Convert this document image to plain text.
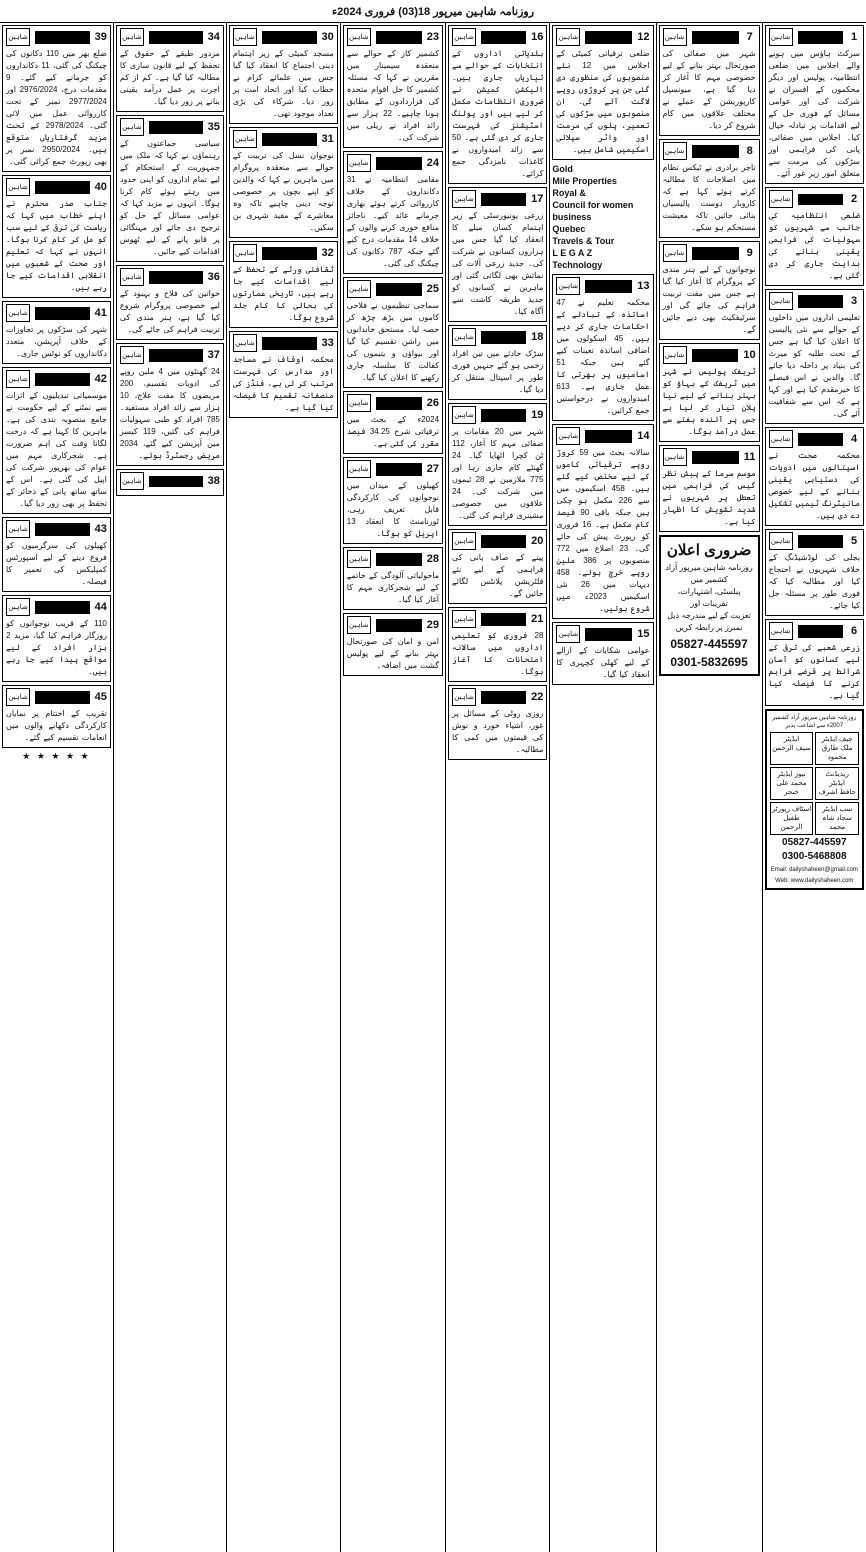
روزنامہ شاہین میرپور 18(03) فروری 2024ء
1
شاہین
سرکٹ ہاؤس میں ہونے والے اجلاس میں ضلعی انتظامیہ، پولیس اور دیگر محکموں کے افسران نے شرکت کی اور عوامی مسائل کے فوری حل کے لیے اقدامات پر تبادلہ خیال کیا۔ اجلاس میں صفائی، پانی کی فراہمی اور سڑکوں کی مرمت سے متعلق امور زیر غور آئے۔
2
شاہین
ضلعی انتظامیہ کی جانب سے شہریوں کو سہولیات کی فراہمی یقینی بنانے کی ہدایت جاری کر دی گئی ہے۔
3
شاہین
تعلیمی اداروں میں داخلوں کے حوالے سے نئی پالیسی کا اعلان کیا گیا ہے جس کے تحت طلبہ کو میرٹ کی بنیاد پر داخلہ دیا جائے گا۔ والدین نے اس فیصلے کا خیرمقدم کیا ہے اور کہا ہے کہ اس سے شفافیت آئے گی۔
4
شاہین
محکمہ صحت نے اسپتالوں میں ادویات کی دستیابی یقینی بنانے کے لیے خصوصی مانیٹرنگ ٹیمیں تشکیل دے دی ہیں۔
5
شاہین
بجلی کی لوڈشیڈنگ کے خلاف شہریوں نے احتجاج کیا اور مطالبہ کیا کہ فوری طور پر مسئلہ حل کیا جائے۔
6
شاہین
زرعی شعبے کی ترقی کے لیے کسانوں کو آسان شرائط پر قرضے فراہم کرنے کا فیصلہ کیا گیا ہے۔
روزنامہ شاہین میرپور آزاد کشمیر 2007ء سے اشاعت پذیر
چیف ایڈیٹر
ملک طارق محمود
ایڈیٹر
سیف الرحمن
ریذیڈنٹ ایڈیٹر
حافظ اشرف
نیوز ایڈیٹر
محمد علی خنجر
سب ایڈیٹر
سجاد شاہ محمد
اسٹاف رپورٹر
طفیل الرحمن
05827-445597
0300-5468808
Email: dailyshaheen@gmail.com
Web: www.dailyshaheen.com
7
شاہین
شہر میں صفائی کی صورتحال بہتر بنانے کے لیے خصوصی مہم کا آغاز کر دیا گیا ہے، میونسپل کارپوریشن کے عملے نے مختلف علاقوں میں کام شروع کر دیا۔
8
شاہین
تاجر برادری نے ٹیکس نظام میں اصلاحات کا مطالبہ کرتے ہوئے کہا ہے کہ کاروبار دوست پالیسیاں بنائی جائیں تاکہ معیشت مستحکم ہو سکے۔
9
شاہین
نوجوانوں کے لیے ہنر مندی کے پروگرام کا آغاز کیا گیا ہے جس میں مفت تربیت فراہم کی جائے گی اور سرٹیفکیٹ بھی دیے جائیں گے۔
10
شاہین
ٹریفک پولیس نے شہر میں ٹریفک کے بہاؤ کو بہتر بنانے کے لیے نیا پلان تیار کر لیا ہے جس پر آئندہ ہفتے سے عمل درآمد ہوگا۔
11
شاہین
موسم سرما کے پیش نظر گیس کی فراہمی میں تعطل پر شہریوں نے شدید تشویش کا اظہار کیا ہے۔
ضروری اعلان
روزنامہ شاہین میرپور آزاد کشمیر میں
پبلسٹی، اشتہارات، تقریبات اور
تعزیت کے لیے مندرجہ ذیل نمبرز پر رابطہ کریں
05827-445597
0301-5832695
12
شاہین
ضلعی ترقیاتی کمیٹی کے اجلاس میں 12 نئے منصوبوں کی منظوری دی گئی جن پر کروڑوں روپے لاگت آئے گی۔ ان منصوبوں میں سڑکوں کی تعمیر، پلوں کی مرمت اور واٹر سپلائی اسکیمیں شامل ہیں۔
Gold
Mile Properties
Royal &
Council for women
business
Quebec
Travels & Tour
L E G A Z
Technology
13
شاہین
محکمہ تعلیم نے 47 اساتذہ کے تبادلے کے احکامات جاری کر دیے ہیں۔ 45 اسکولوں میں اضافی اساتذہ تعینات کیے گئے ہیں جبکہ 51 اسامیوں پر بھرتی کا عمل جاری ہے۔ 613 امیدواروں نے درخواستیں جمع کرائیں۔
14
شاہین
سالانہ بجٹ میں 59 کروڑ روپے ترقیاتی کاموں کے لیے مختص کیے گئے ہیں۔ 458 اسکیموں میں سے 226 مکمل ہو چکی ہیں جبکہ باقی 90 فیصد کام مکمل ہے۔ 16 فروری کو رپورٹ پیش کی جائے گی۔ 23 اضلاع میں 772 منصوبوں پر 386 ملین روپے خرچ ہوئے۔ 458 دیہات میں 26 نئی اسکیمیں 2023ء میں شروع ہوئیں۔
15
شاہین
عوامی شکایات کے ازالے کے لیے کھلی کچہری کا انعقاد کیا گیا۔
16
شاہین
بلدیاتی اداروں کے انتخابات کے حوالے سے تیاریاں جاری ہیں۔ الیکشن کمیشن نے ضروری انتظامات مکمل کر لیے ہیں اور پولنگ اسٹیشنز کی فہرست جاری کر دی گئی ہے۔ 50 سے زائد امیدواروں نے کاغذات نامزدگی جمع کرائے۔
17
شاہین
زرعی یونیورسٹی کے زیر اہتمام کسان میلے کا انعقاد کیا گیا جس میں ہزاروں کسانوں نے شرکت کی۔ جدید زرعی آلات کی نمائش بھی لگائی گئی اور ماہرین نے کسانوں کو جدید طریقہ کاشت سے آگاہ کیا۔
18
شاہین
سڑک حادثے میں تین افراد زخمی ہو گئے جنہیں فوری طور پر اسپتال منتقل کر دیا گیا۔
19
شاہین
شہر میں 20 مقامات پر صفائی مہم کا آغاز، 112 ٹن کچرا اٹھایا گیا۔ 24 گھنٹے کام جاری رہا اور 775 ملازمین نے 28 ٹیموں میں شرکت کی۔ 24 علاقوں میں خصوصی مشینری فراہم کی گئی۔
20
شاہین
پینے کے صاف پانی کی فراہمی کے لیے نئے فلٹریشن پلانٹس لگائے جائیں گے۔
21
شاہین
28 فروری کو تعلیمی اداروں میں سالانہ امتحانات کا آغاز ہوگا۔
22
شاہین
روزی روٹی کے مسائل پر غور، اشیاء خورد و نوش کی قیمتوں میں کمی کا مطالبہ۔
23
شاہین
کشمیر کاز کے حوالے سے منعقدہ سیمینار میں مقررین نے کہا کہ مسئلہ کشمیر کا حل اقوام متحدہ کی قراردادوں کے مطابق ہونا چاہیے۔ 22 ہزار سے زائد افراد نے ریلی میں شرکت کی۔
24
شاہین
مقامی انتظامیہ نے 31 دکانداروں کے خلاف کارروائی کرتے ہوئے بھاری جرمانے عائد کیے۔ ناجائز منافع خوری کرنے والوں کے خلاف 14 مقدمات درج کیے گئے جبکہ 787 دکانوں کی چیکنگ کی گئی۔
25
شاہین
سماجی تنظیموں نے فلاحی کاموں میں بڑھ چڑھ کر حصہ لیا۔ مستحق خاندانوں میں راشن تقسیم کیا گیا اور بیواؤں و یتیموں کی کفالت کا سلسلہ جاری رکھنے کا اعلان کیا گیا۔
26
شاہین
2024ء کے بجٹ میں ترقیاتی شرح 34.25 فیصد مقرر کی گئی ہے۔
27
شاہین
کھیلوں کے میدان میں نوجوانوں کی کارکردگی قابل تعریف رہی، ٹورنامنٹ کا انعقاد 13 اپریل کو ہوگا۔
28
شاہین
ماحولیاتی آلودگی کے خاتمے کے لیے شجرکاری مہم کا آغاز کیا گیا۔
29
شاہین
امن و امان کی صورتحال بہتر بنانے کے لیے پولیس گشت میں اضافہ۔
30
شاہین
مسجد کمیٹی کے زیر اہتمام دینی اجتماع کا انعقاد کیا گیا جس میں علمائے کرام نے خطاب کیا اور اتحاد امت پر زور دیا۔ شرکاء کی بڑی تعداد موجود تھی۔
31
شاہین
نوجوان نسل کی تربیت کے حوالے سے منعقدہ پروگرام میں ماہرین نے کہا کہ والدین کو اپنے بچوں پر خصوصی توجہ دینی چاہیے تاکہ وہ معاشرے کے مفید شہری بن سکیں۔
32
شاہین
ثقافتی ورثے کے تحفظ کے لیے اقدامات کیے جا رہے ہیں، تاریخی عمارتوں کی بحالی کا کام جلد شروع ہوگا۔
33
شاہین
محکمہ اوقاف نے مساجد اور مدارس کی فہرست مرتب کر لی ہے، فنڈز کی منصفانہ تقسیم کا فیصلہ کیا گیا ہے۔
34
شاہین
مزدور طبقے کے حقوق کے تحفظ کے لیے قانون سازی کا مطالبہ کیا گیا ہے۔ کم از کم اجرت پر عمل درآمد یقینی بنانے پر زور دیا گیا۔
35
شاہین
سیاسی جماعتوں کے رہنماؤں نے کہا کہ ملک میں جمہوریت کے استحکام کے لیے تمام اداروں کو اپنی حدود میں رہتے ہوئے کام کرنا ہوگا۔ انہوں نے مزید کہا کہ عوامی مسائل کے حل کو ترجیح دی جائے اور مہنگائی پر قابو پانے کے لیے ٹھوس اقدامات کیے جائیں۔
36
شاہین
خواتین کی فلاح و بہبود کے لیے خصوصی پروگرام شروع کیا گیا ہے، ہنر مندی کی تربیت فراہم کی جائے گی۔
37
شاہین
24 گھنٹوں میں 4 ملین روپے کی ادویات تقسیم، 200 مریضوں کا مفت علاج، 10 ہزار سے زائد افراد مستفید۔ 785 افراد کو طبی سہولیات فراہم کی گئیں، 119 کیسز میں آپریشن کیے گئے، 2034 مریض رجسٹرڈ ہوئے۔
38
شاہین
39
شاہین
ضلع بھر میں 110 دکانوں کی چیکنگ کی گئی، 11 دکانداروں کو جرمانے کیے گئے۔ 9 مقدمات درج، 2976/2024 اور 2977/2024 نمبر کے تحت کارروائی عمل میں لائی گئی۔ 2978/2024 کے تحت مزید گرفتاریاں متوقع ہیں۔ 2950/2024 نمبر پر بھی رپورٹ جمع کرائی گئی۔
40
شاہین
جناب صدر محترم نے اپنے خطاب میں کہا کہ ریاست کی ترقی کے لیے سب کو مل کر کام کرنا ہوگا۔ انہوں نے کہا کہ تعلیم اور صحت کے شعبوں میں انقلابی اقدامات کیے جا رہے ہیں۔
41
شاہین
شہر کی سڑکوں پر تجاوزات کے خلاف آپریشن، متعدد دکانداروں کو نوٹس جاری۔
42
شاہین
موسمیاتی تبدیلیوں کے اثرات سے نمٹنے کے لیے حکومت نے جامع منصوبہ بندی کی ہے۔ ماہرین کا کہنا ہے کہ درخت لگانا وقت کی اہم ضرورت ہے۔ شجرکاری مہم میں عوام کی بھرپور شرکت کی اپیل کی گئی ہے۔ اس کے ساتھ ساتھ پانی کے ذخائر کے تحفظ پر بھی زور دیا گیا۔
43
شاہین
کھیلوں کی سرگرمیوں کو فروغ دینے کے لیے اسپورٹس کمپلیکس کی تعمیر کا فیصلہ۔
44
شاہین
110 کے قریب نوجوانوں کو روزگار فراہم کیا گیا، مزید 2 ہزار افراد کے لیے مواقع پیدا کیے جا رہے ہیں۔
45
شاہین
تقریب کے اختتام پر نمایاں کارکردگی دکھانے والوں میں انعامات تقسیم کیے گئے۔
★ ★ ★ ★ ★
